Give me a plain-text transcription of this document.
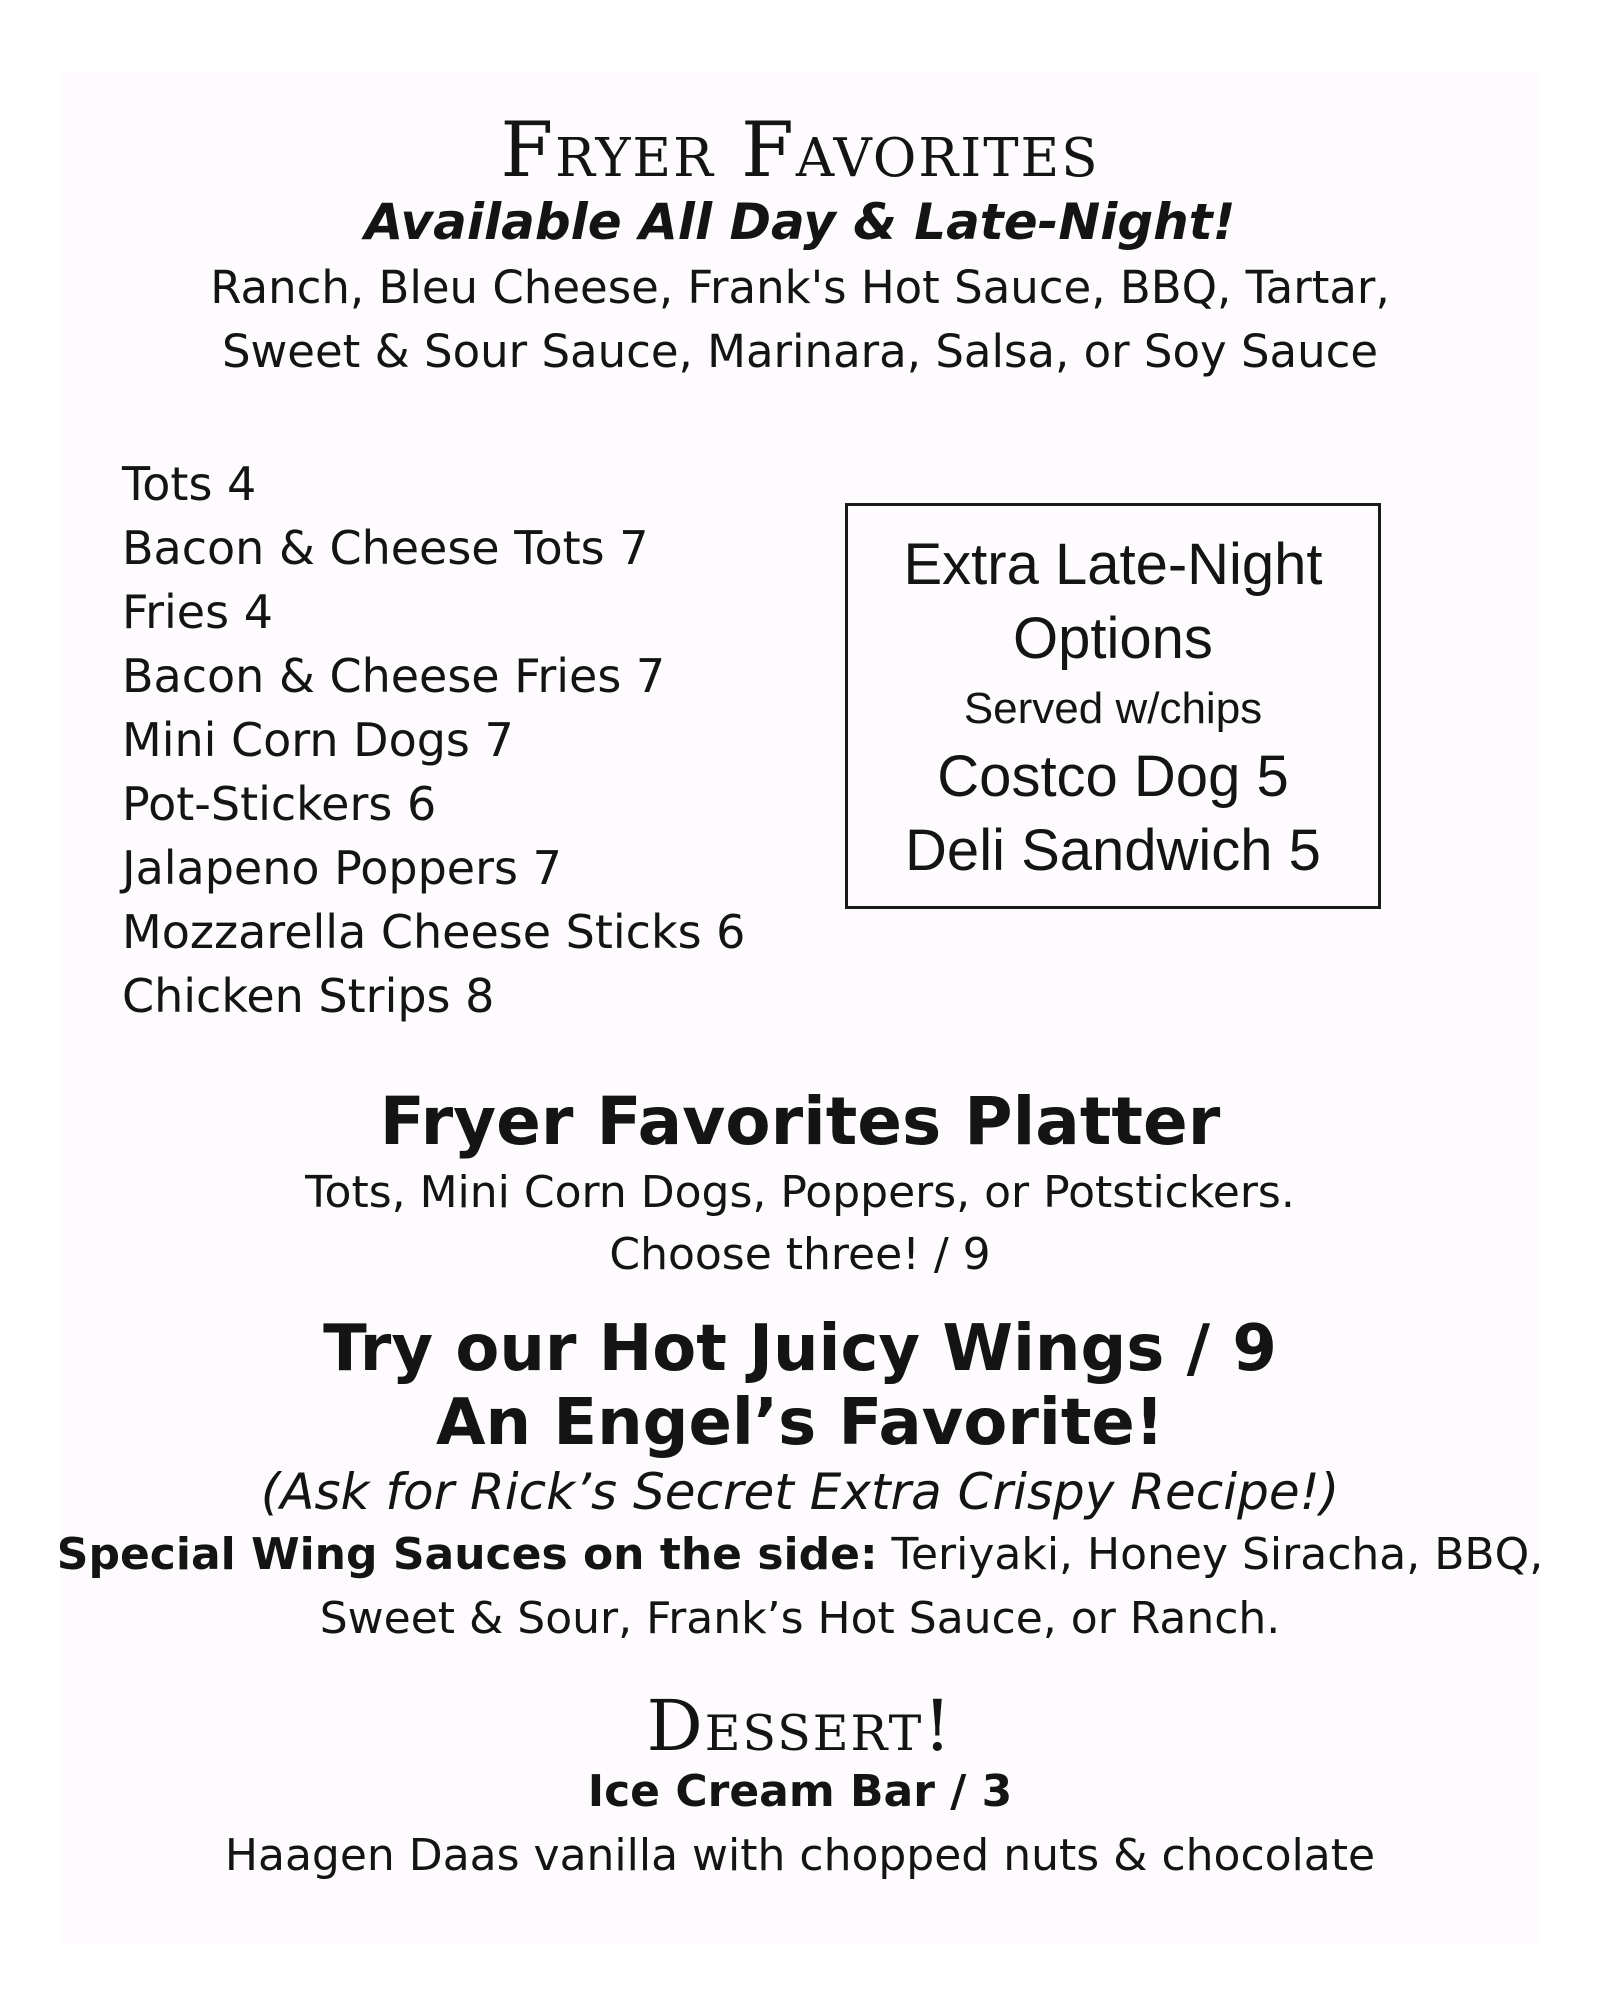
Fryer Favorites
Available All Day & Late-Night!
Ranch, Bleu Cheese, Frank's Hot Sauce, BBQ, Tartar,
Sweet & Sour Sauce, Marinara, Salsa, or Soy Sauce
Tots 4
Bacon & Cheese Tots 7
Fries 4
Bacon & Cheese Fries 7
Mini Corn Dogs 7
Pot-Stickers 6
Jalapeno Poppers 7
Mozzarella Cheese Sticks 6
Chicken Strips 8
Extra Late-Night
Options
Served w/chips
Costco Dog 5
Deli Sandwich 5
Fryer Favorites Platter
Tots, Mini Corn Dogs, Poppers, or Potstickers.
Choose three! / 9
Try our Hot Juicy Wings / 9
An Engel’s Favorite!
(Ask for Rick’s Secret Extra Crispy Recipe!)
Special Wing Sauces on the side: Teriyaki, Honey Siracha, BBQ,
Sweet & Sour, Frank’s Hot Sauce, or Ranch.
Dessert!
Ice Cream Bar / 3
Haagen Daas vanilla with chopped nuts & chocolate
